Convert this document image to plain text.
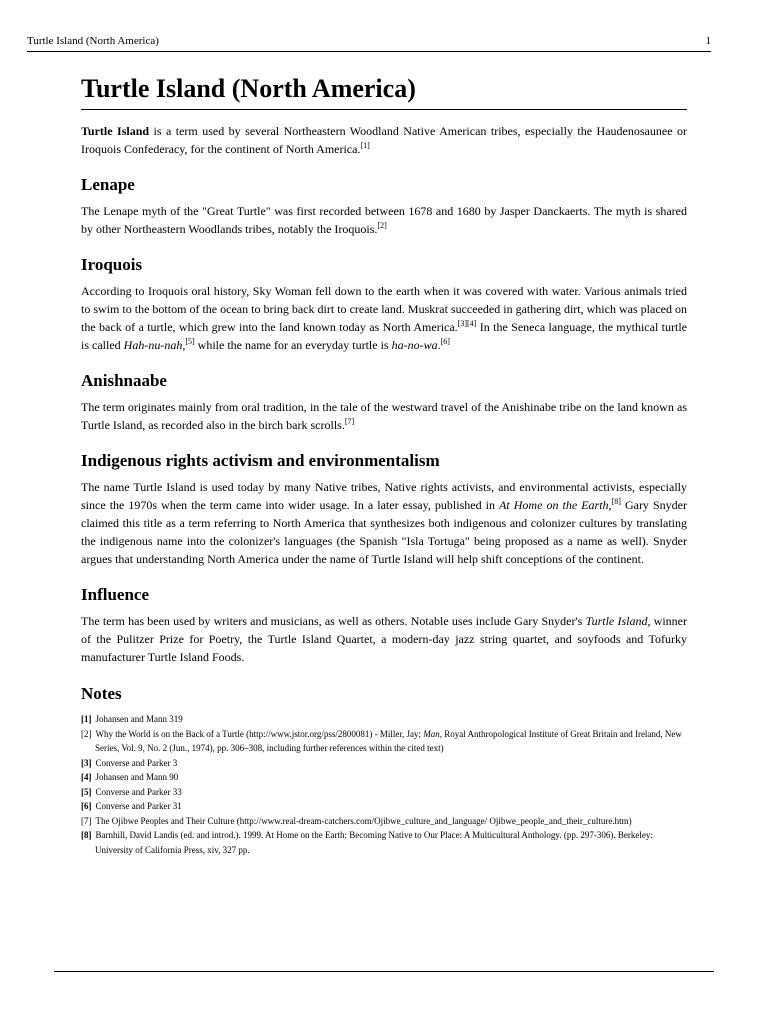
Turtle Island (North America)	1
Turtle Island (North America)

Turtle Island is a term used by several Northeastern Woodland Native American tribes, especially the Haudenosaunee or Iroquois Confederacy, for the continent of North America.[1]

Lenape

The Lenape myth of the "Great Turtle" was first recorded between 1678 and 1680 by Jasper Danckaerts. The myth is shared by other Northeastern Woodlands tribes, notably the Iroquois.[2]

Iroquois

According to Iroquois oral history, Sky Woman fell down to the earth when it was covered with water. Various animals tried to swim to the bottom of the ocean to bring back dirt to create land. Muskrat succeeded in gathering dirt, which was placed on the back of a turtle, which grew into the land known today as North America.[3][4] In the Seneca language, the mythical turtle is called Hah-nu-nah,[5] while the name for an everyday turtle is ha-no-wa.[6]

Anishnaabe

The term originates mainly from oral tradition, in the tale of the westward travel of the Anishinabe tribe on the land known as Turtle Island, as recorded also in the birch bark scrolls.[7]

Indigenous rights activism and environmentalism

The name Turtle Island is used today by many Native tribes, Native rights activists, and environmental activists, especially since the 1970s when the term came into wider usage. In a later essay, published in At Home on the Earth,[8] Gary Snyder claimed this title as a term referring to North America that synthesizes both indigenous and colonizer cultures by translating the indigenous name into the colonizer's languages (the Spanish "Isla Tortuga" being proposed as a name as well). Snyder argues that understanding North America under the name of Turtle Island will help shift conceptions of the continent.

Influence

The term has been used by writers and musicians, as well as others. Notable uses include Gary Snyder's Turtle Island, winner of the Pulitzer Prize for Poetry, the Turtle Island Quartet, a modern-day jazz string quartet, and soyfoods and Tofurky manufacturer Turtle Island Foods.

Notes
[1] Johansen and Mann 319
[2] Why the World is on the Back of a Turtle (http://www.jstor.org/pss/2800081) - Miller, Jay; Man, Royal Anthropological Institute of Great Britain and Ireland, New Series, Vol. 9, No. 2 (Jun., 1974), pp. 306–308, including further references within the cited text)
[3] Converse and Parker 3
[4] Johansen and Mann 90
[5] Converse and Parker 33
[6] Converse and Parker 31
[7] The Ojibwe Peoples and Their Culture (http://www.real-dream-catchers.com/Ojibwe_culture_and_language/ Ojibwe_people_and_their_culture.htm)
[8] Barnhill, David Landis (ed. and introd.). 1999. At Home on the Earth: Becoming Native to Our Place: A Multicultural Anthology. (pp. 297-306). Berkeley: University of California Press, xiv, 327 pp.
